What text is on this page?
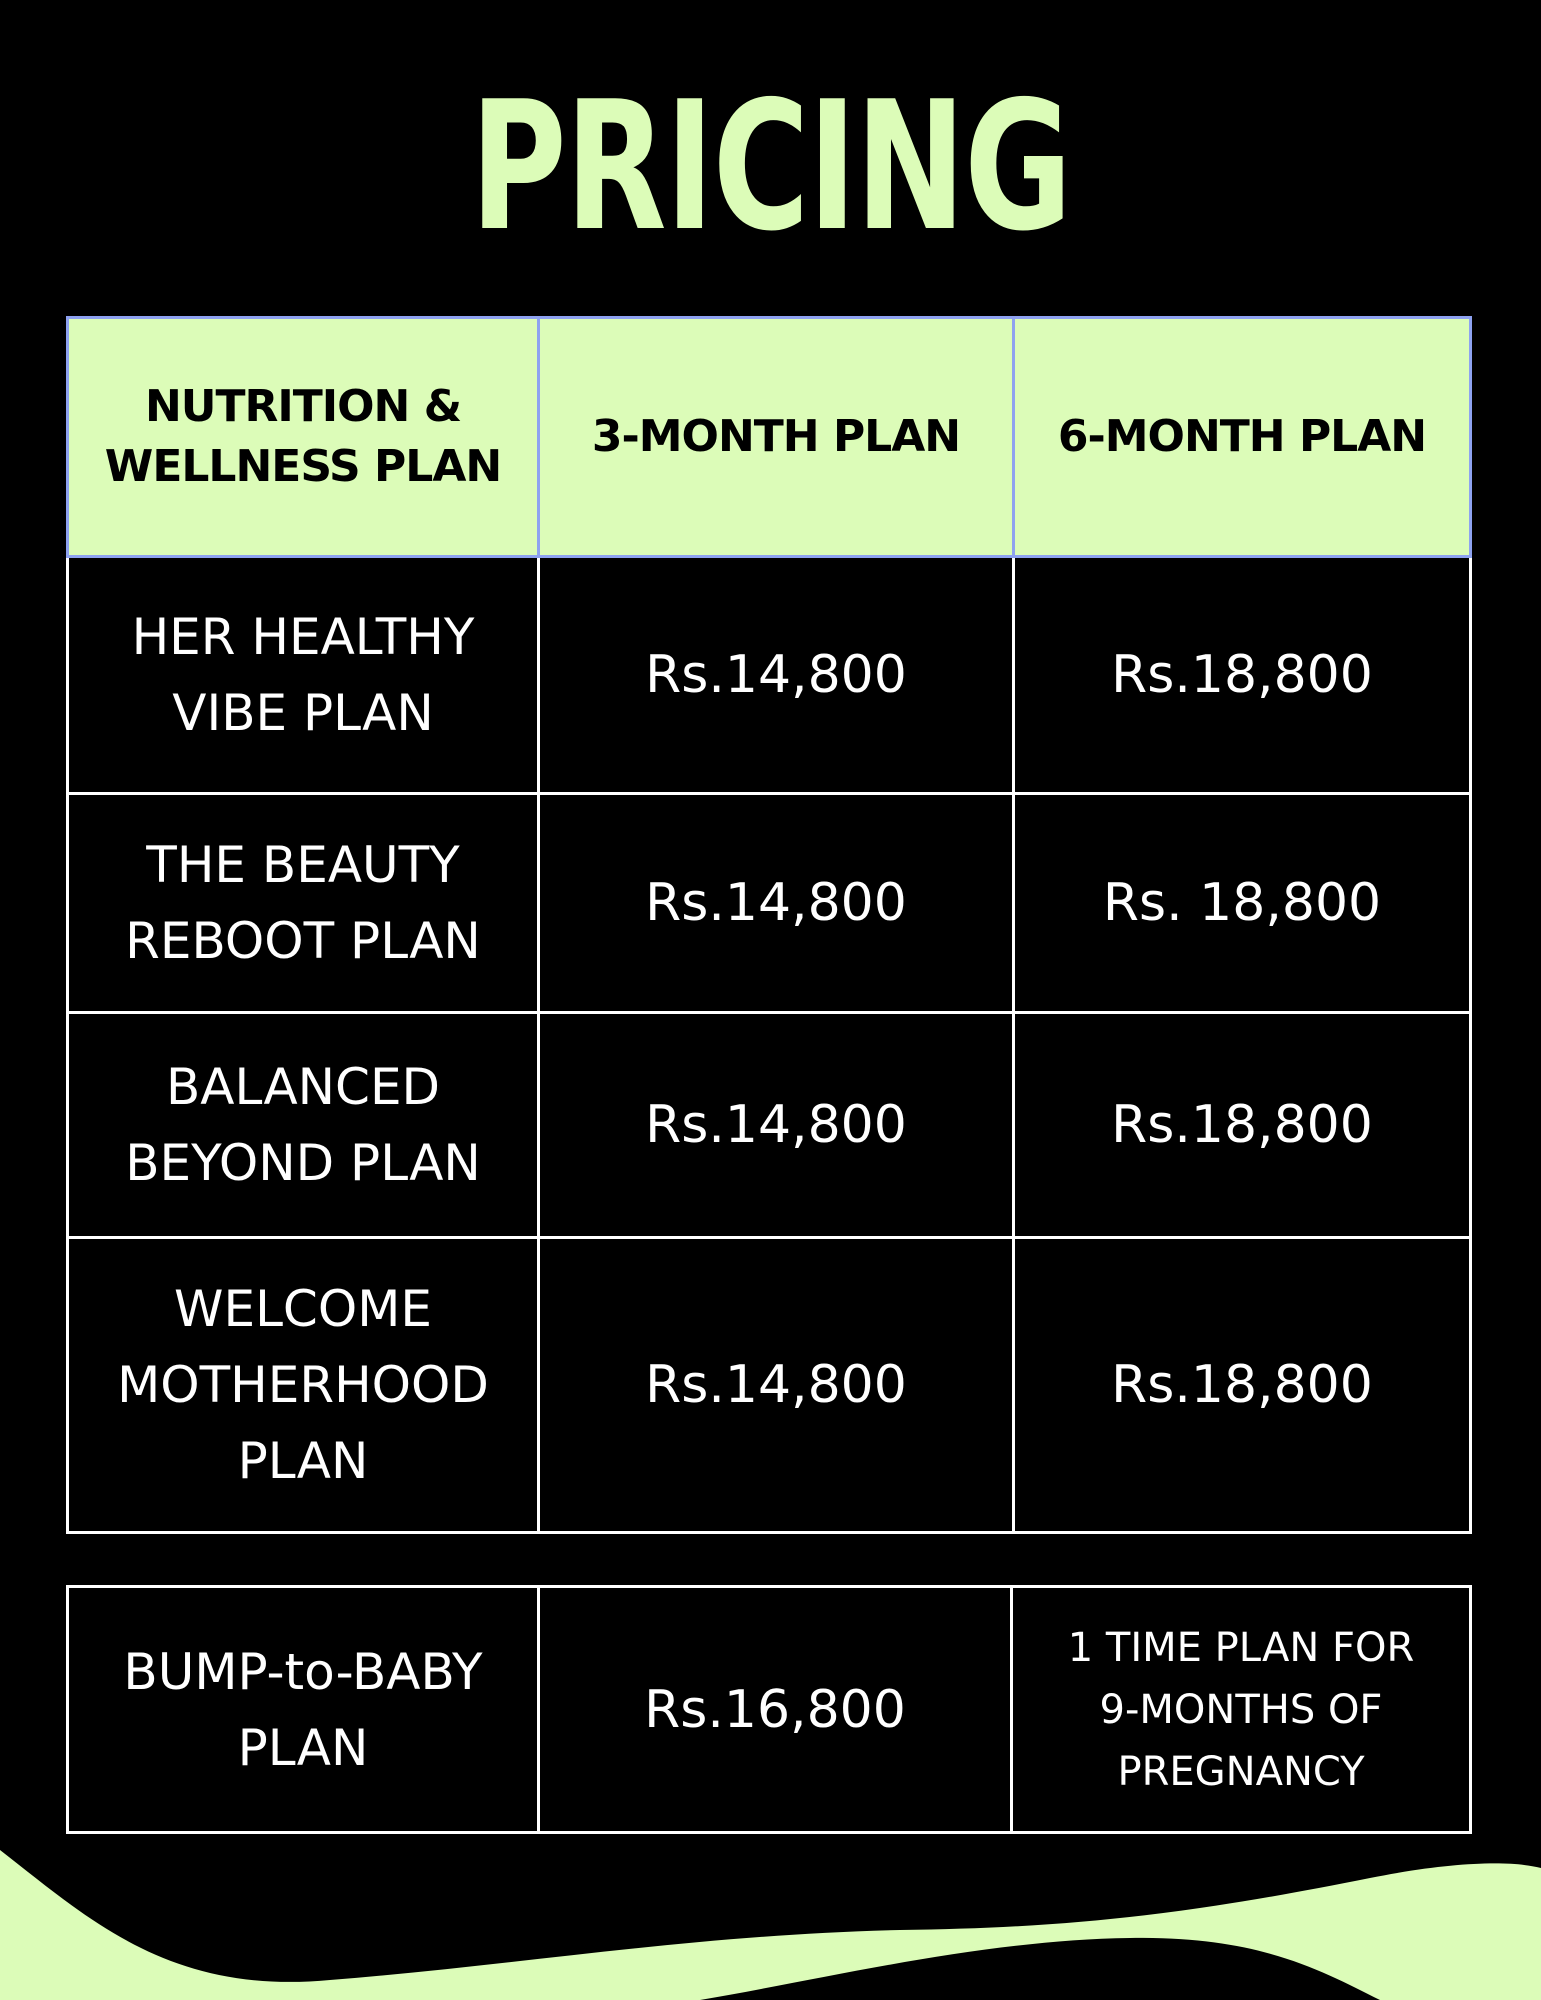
PRICING
NUTRITION & WELLNESS PLAN	3-MONTH PLAN	6-MONTH PLAN
HER HEALTHY VIBE PLAN	Rs.14,800	Rs.18,800
THE BEAUTY REBOOT PLAN	Rs.14,800	Rs. 18,800
BALANCED BEYOND PLAN	Rs.14,800	Rs.18,800
WELCOME MOTHERHOOD PLAN	Rs.14,800	Rs.18,800
BUMP-to-BABY PLAN	Rs.16,800	1 TIME PLAN FOR 9-MONTHS OF PREGNANCY
